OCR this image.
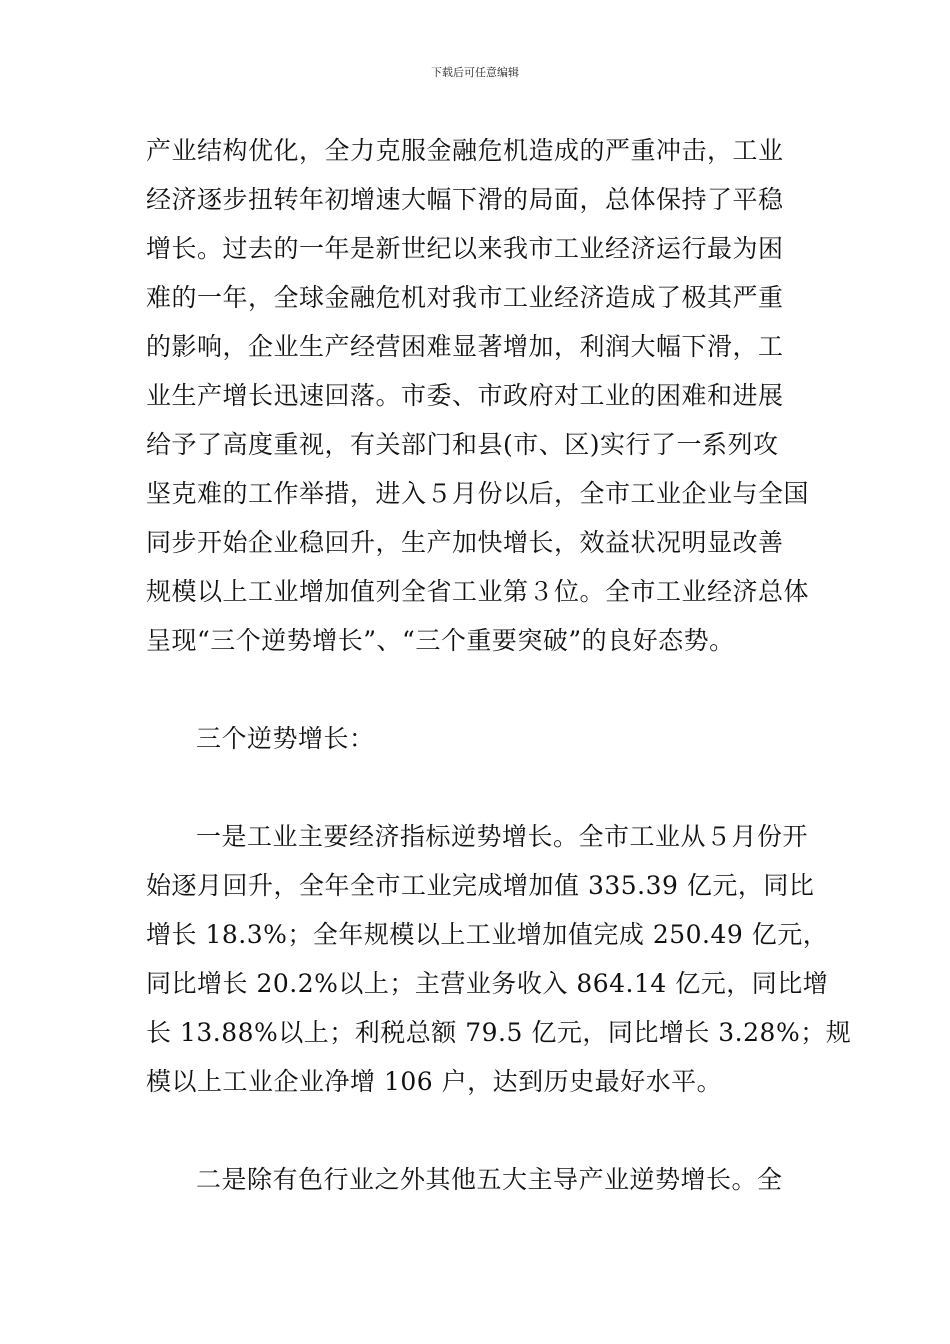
下载后可任意编辑
产业结构优化，全力克服金融危机造成的严重冲击，工业
经济逐步扭转年初增速大幅下滑的局面，总体保持了平稳
增长。过去的一年是新世纪以来我市工业经济运行最为困
难的一年，全球金融危机对我市工业经济造成了极其严重
的影响，企业生产经营困难显著增加，利润大幅下滑，工
业生产增长迅速回落。市委、市政府对工业的困难和进展
给予了高度重视，有关部门和县(市、区)实行了一系列攻
坚克难的工作举措，进入５月份以后，全市工业企业与全国
同步开始企业稳回升，生产加快增长，效益状况明显改善
规模以上工业增加值列全省工业第３位。全市工业经济总体
呈现“三个逆势增长”、“三个重要突破”的良好态势。
三个逆势增长：
一是工业主要经济指标逆势增长。全市工业从５月份开
始逐月回升，全年全市工业完成增加值 335.39 亿元，同比
增长 18.3%；全年规模以上工业增加值完成 250.49 亿元，
同比增长 20.2%以上；主营业务收入 864.14 亿元，同比增
长 13.88%以上；利税总额 79.5 亿元，同比增长 3.28%；规
模以上工业企业净增 106 户，达到历史最好水平。
二是除有色行业之外其他五大主导产业逆势增长。全
